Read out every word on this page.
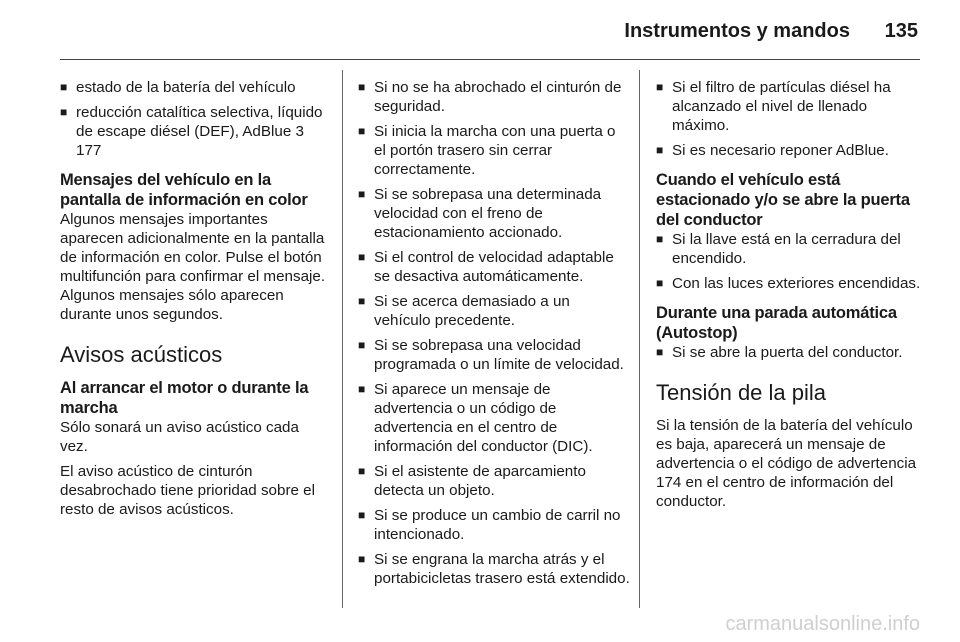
Instrumentos y mandos 135
■ estado de la batería del vehículo
■ reducción catalítica selectiva, líquido de escape diésel (DEF), AdBlue 3 177
Mensajes del vehículo en la pantalla de información en color

Algunos mensajes importantes aparecen adicionalmente en la pantalla de información en color. Pulse el botón multifunción para confirmar el mensaje. Algunos mensajes sólo aparecen durante unos segundos.

Avisos acústicos
Al arrancar el motor o durante la marcha

Sólo sonará un aviso acústico cada vez.

El aviso acústico de cinturón desabrochado tiene prioridad sobre el resto de avisos acústicos.

■ Si no se ha abrochado el cinturón de seguridad.
■ Si inicia la marcha con una puerta o el portón trasero sin cerrar correctamente.
■ Si se sobrepasa una determinada velocidad con el freno de estacionamiento accionado.
■ Si el control de velocidad adaptable se desactiva automáticamente.
■ Si se acerca demasiado a un vehículo precedente.
■ Si se sobrepasa una velocidad programada o un límite de velocidad.
■ Si aparece un mensaje de advertencia o un código de advertencia en el centro de información del conductor (DIC).
■ Si el asistente de aparcamiento detecta un objeto.
■ Si se produce un cambio de carril no intencionado.
■ Si se engrana la marcha atrás y el portabicicletas trasero está extendido.
■ Si el filtro de partículas diésel ha alcanzado el nivel de llenado máximo.
■ Si es necesario reponer AdBlue.
Cuando el vehículo está estacionado y/o se abre la puerta del conductor
■ Si la llave está en la cerradura del encendido.
■ Con las luces exteriores encendidas.
Durante una parada automática (Autostop)
■ Si se abre la puerta del conductor.
Tensión de la pila

Si la tensión de la batería del vehículo es baja, aparecerá un mensaje de advertencia o el código de advertencia 174 en el centro de información del conductor.

carmanualsonline.info
